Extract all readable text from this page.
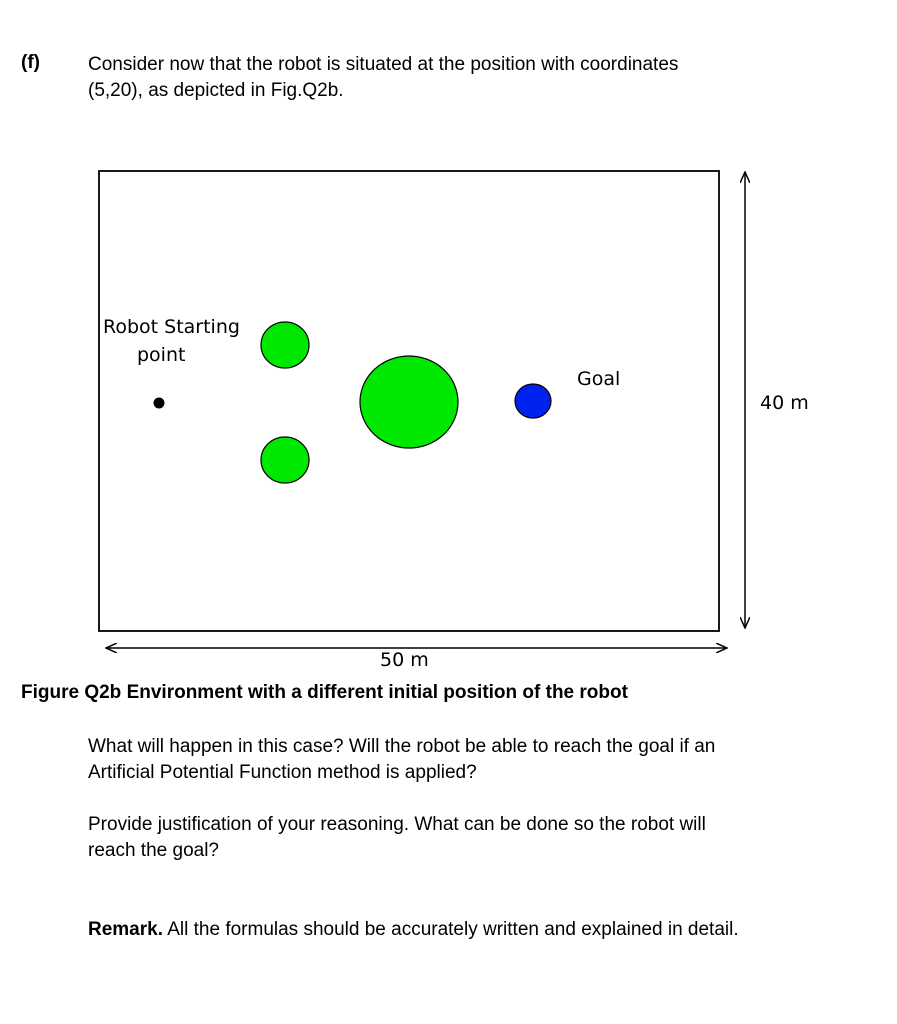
(f)	Consider now that the robot is situated at the position with coordinates
(5,20), as depicted in Fig.Q2b.
Robot Starting
point
Goal
40 m
50 m
Figure Q2b Environment with a different initial position of the robot
What will happen in this case? Will the robot be able to reach the goal if an
Artificial Potential Function method is applied?
Provide justification of your reasoning. What can be done so the robot will
reach the goal?
Remark. All the formulas should be accurately written and explained in detail.
